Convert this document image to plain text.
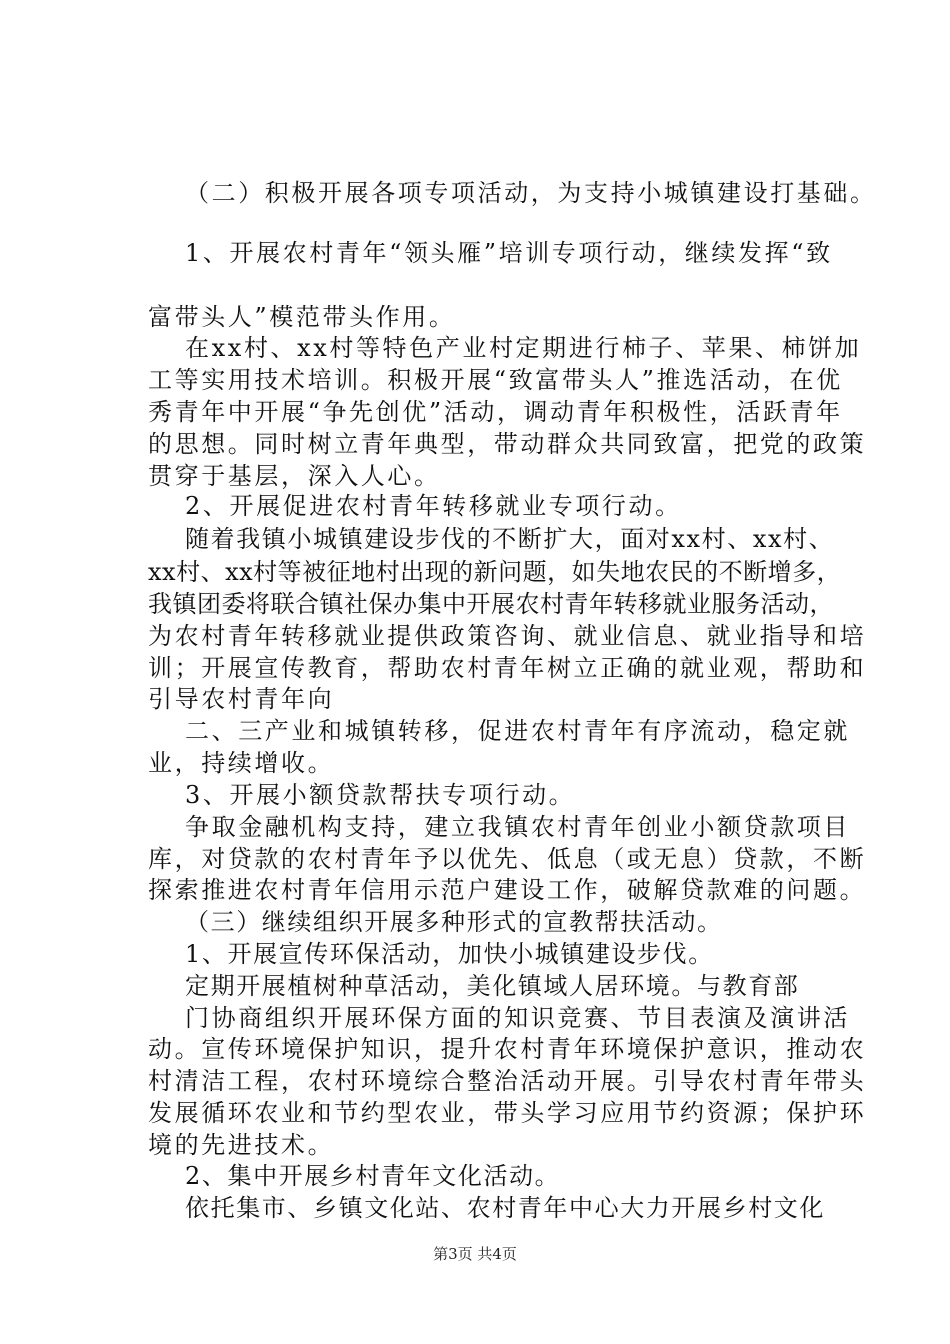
（二）积极开展各项专项活动，为支持小城镇建设打基础。
1、开展农村青年“领头雁”培训专项行动，继续发挥“致
富带头人”模范带头作用。
在xx村、xx村等特色产业村定期进行柿子、苹果、柿饼加
工等实用技术培训。积极开展“致富带头人”推选活动，在优
秀青年中开展“争先创优”活动，调动青年积极性，活跃青年
的思想。同时树立青年典型，带动群众共同致富，把党的政策
贯穿于基层，深入人心。
2、开展促进农村青年转移就业专项行动。
随着我镇小城镇建设步伐的不断扩大，面对xx村、xx村、
xx村、xx村等被征地村出现的新问题，如失地农民的不断增多，
我镇团委将联合镇社保办集中开展农村青年转移就业服务活动，
为农村青年转移就业提供政策咨询、就业信息、就业指导和培
训；开展宣传教育，帮助农村青年树立正确的就业观，帮助和
引导农村青年向
二、三产业和城镇转移，促进农村青年有序流动，稳定就
业，持续增收。
3、开展小额贷款帮扶专项行动。
争取金融机构支持，建立我镇农村青年创业小额贷款项目
库，对贷款的农村青年予以优先、低息（或无息）贷款，不断
探索推进农村青年信用示范户建设工作，破解贷款难的问题。
（三）继续组织开展多种形式的宣教帮扶活动。
1、开展宣传环保活动，加快小城镇建设步伐。
定期开展植树种草活动，美化镇域人居环境。与教育部
门协商组织开展环保方面的知识竞赛、节目表演及演讲活
动。宣传环境保护知识，提升农村青年环境保护意识，推动农
村清洁工程，农村环境综合整治活动开展。引导农村青年带头
发展循环农业和节约型农业，带头学习应用节约资源；保护环
境的先进技术。
2、集中开展乡村青年文化活动。
依托集市、乡镇文化站、农村青年中心大力开展乡村文化
第3页 共4页
